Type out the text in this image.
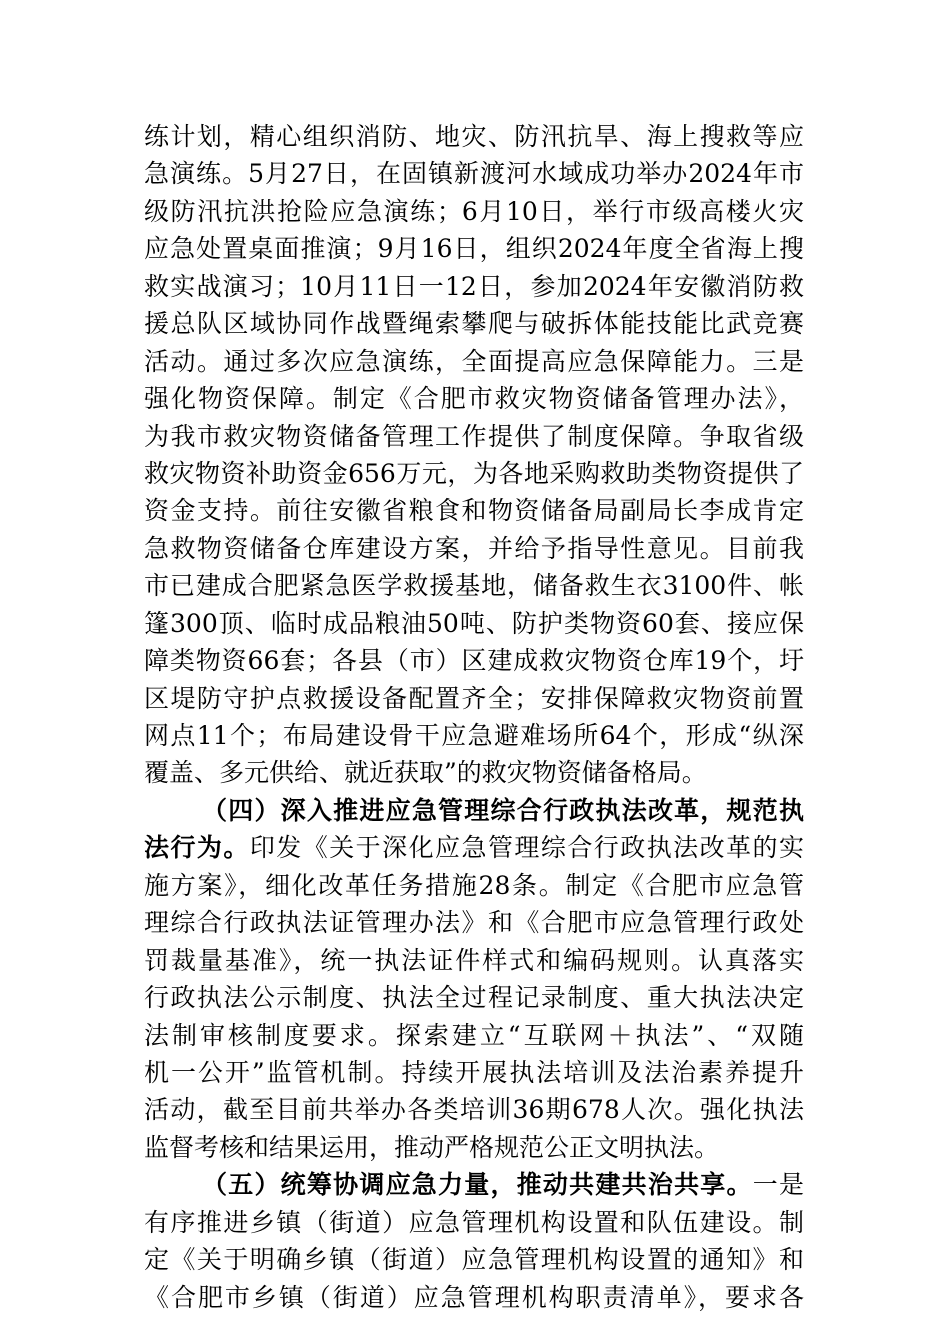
练计划，精心组织消防、地灾、防汛抗旱、海上搜救等应
急演练。5月27日，在固镇新渡河水域成功举办2024年市
级防汛抗洪抢险应急演练；6月10日，举行市级高楼火灾
应急处置桌面推演；9月16日，组织2024年度全省海上搜
救实战演习；10月11日一12日，参加2024年安徽消防救
援总队区域协同作战暨绳索攀爬与破拆体能技能比武竞赛
活动。通过多次应急演练，全面提高应急保障能力。三是
强化物资保障。制定《合肥市救灾物资储备管理办法》，
为我市救灾物资储备管理工作提供了制度保障。争取省级
救灾物资补助资金656万元，为各地采购救助类物资提供了
资金支持。前往安徽省粮食和物资储备局副局长李成肯定
急救物资储备仓库建设方案，并给予指导性意见。目前我
市已建成合肥紧急医学救援基地，储备救生衣3100件、帐
篷300顶、临时成品粮油50吨、防护类物资60套、接应保
障类物资66套；各县（市）区建成救灾物资仓库19个，圩
区堤防守护点救援设备配置齐全；安排保障救灾物资前置
网点11个；布局建设骨干应急避难场所64个，形成“纵深
覆盖、多元供给、就近获取”的救灾物资储备格局。
（四）深入推进应急管理综合行政执法改革，规范执
法行为。印发《关于深化应急管理综合行政执法改革的实
施方案》，细化改革任务措施28条。制定《合肥市应急管
理综合行政执法证管理办法》和《合肥市应急管理行政处
罚裁量基准》，统一执法证件样式和编码规则。认真落实
行政执法公示制度、执法全过程记录制度、重大执法决定
法制审核制度要求。探索建立“互联网＋执法”、“双随
机一公开”监管机制。持续开展执法培训及法治素养提升
活动，截至目前共举办各类培训36期678人次。强化执法
监督考核和结果运用，推动严格规范公正文明执法。
（五）统筹协调应急力量，推动共建共治共享。一是
有序推进乡镇（街道）应急管理机构设置和队伍建设。制
定《关于明确乡镇（街道）应急管理机构设置的通知》和
《合肥市乡镇（街道）应急管理机构职责清单》，要求各
